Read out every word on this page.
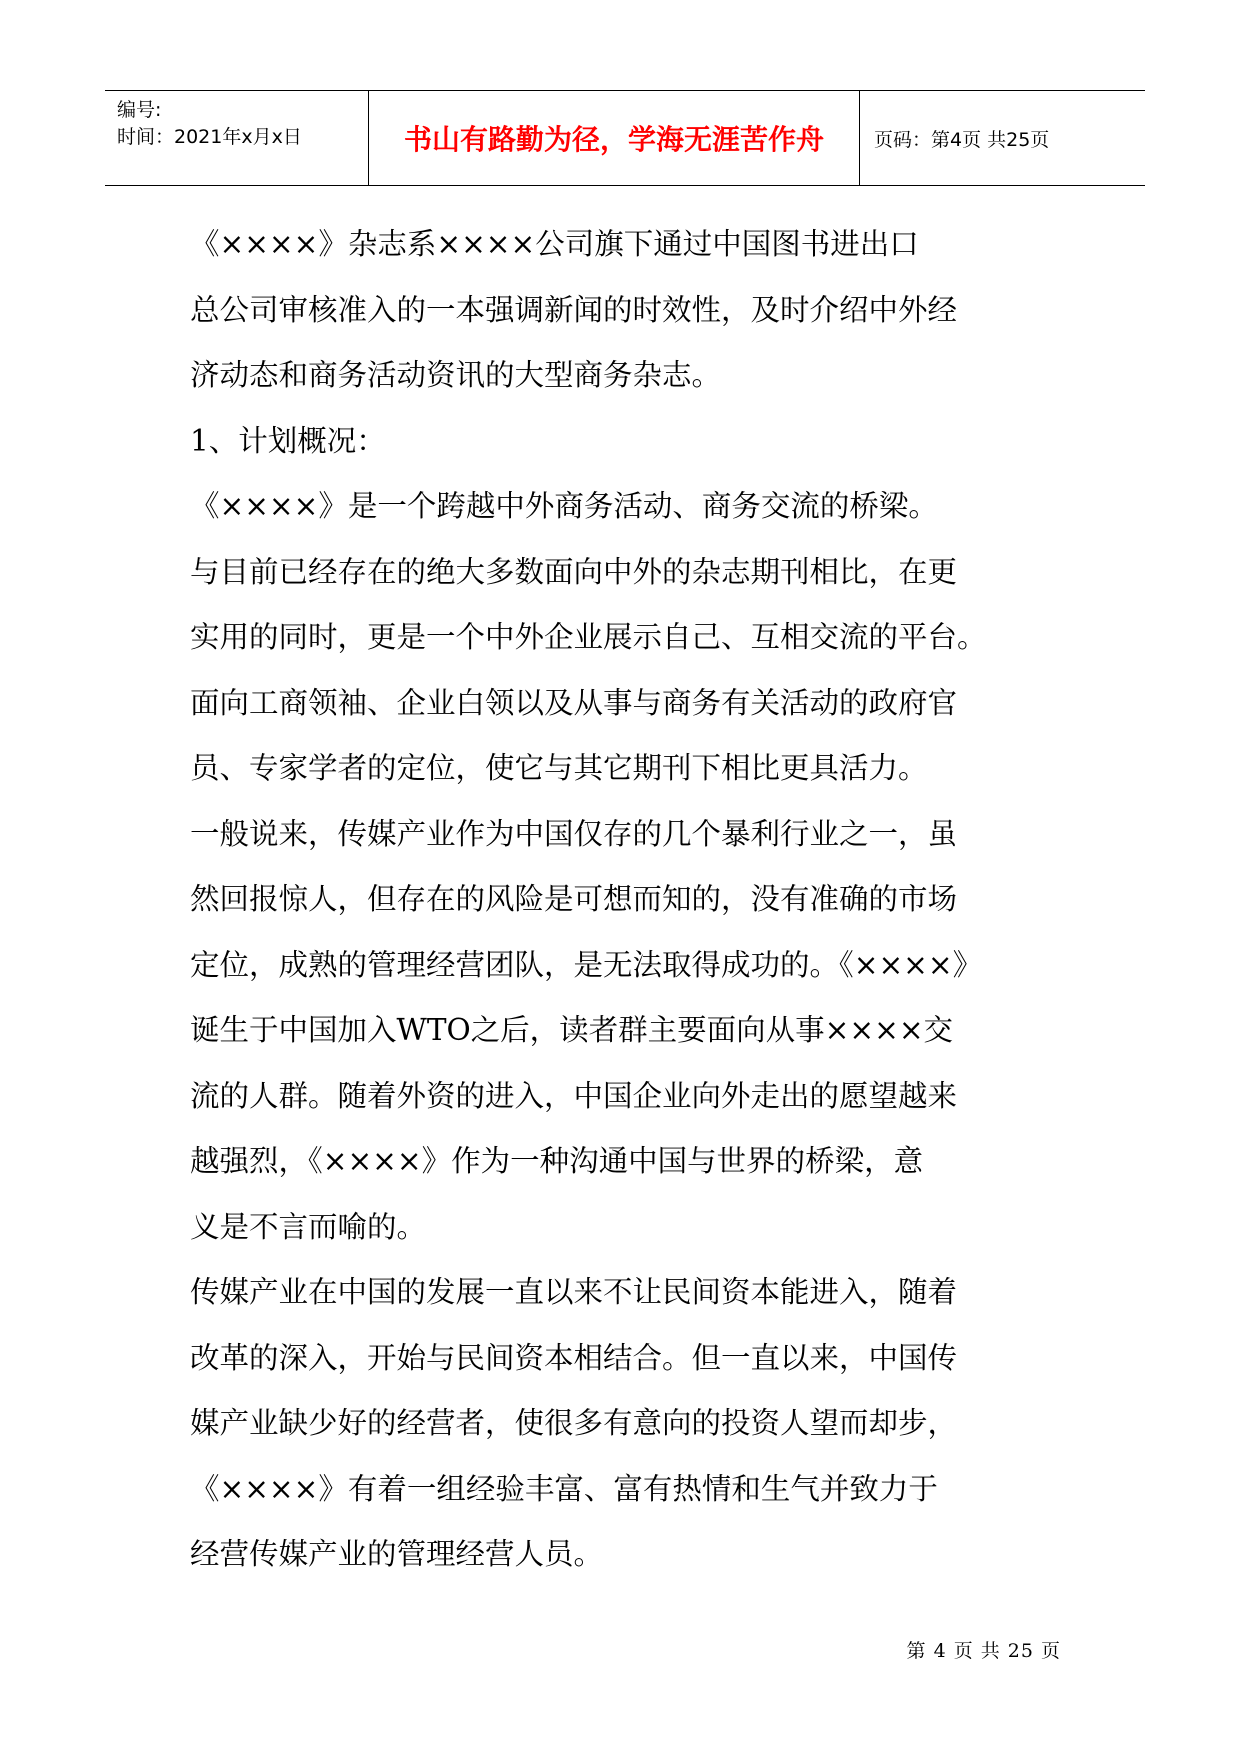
编号:
时间：2021年x月x日	书山有路勤为径，学海无涯苦作舟	页码：第4页 共25页

《××××》杂志系××××公司旗下通过中国图书进出口

总公司审核准入的一本强调新闻的时效性，及时介绍中外经

济动态和商务活动资讯的大型商务杂志。

1、计划概况：

《××××》是一个跨越中外商务活动、商务交流的桥梁。

与目前已经存在的绝大多数面向中外的杂志期刊相比，在更

实用的同时，更是一个中外企业展示自己、互相交流的平台。

面向工商领袖、企业白领以及从事与商务有关活动的政府官

员、专家学者的定位，使它与其它期刊下相比更具活力。

一般说来，传媒产业作为中国仅存的几个暴利行业之一，虽

然回报惊人，但存在的风险是可想而知的，没有准确的市场

定位，成熟的管理经营团队，是无法取得成功的。《××××》

诞生于中国加入WTO之后，读者群主要面向从事××××交

流的人群。随着外资的进入，中国企业向外走出的愿望越来

越强烈，《××××》作为一种沟通中国与世界的桥梁，意

义是不言而喻的。

传媒产业在中国的发展一直以来不让民间资本能进入，随着

改革的深入，开始与民间资本相结合。但一直以来，中国传

媒产业缺少好的经营者，使很多有意向的投资人望而却步，

《××××》有着一组经验丰富、富有热情和生气并致力于

经营传媒产业的管理经营人员。

第 4 页 共 25 页
